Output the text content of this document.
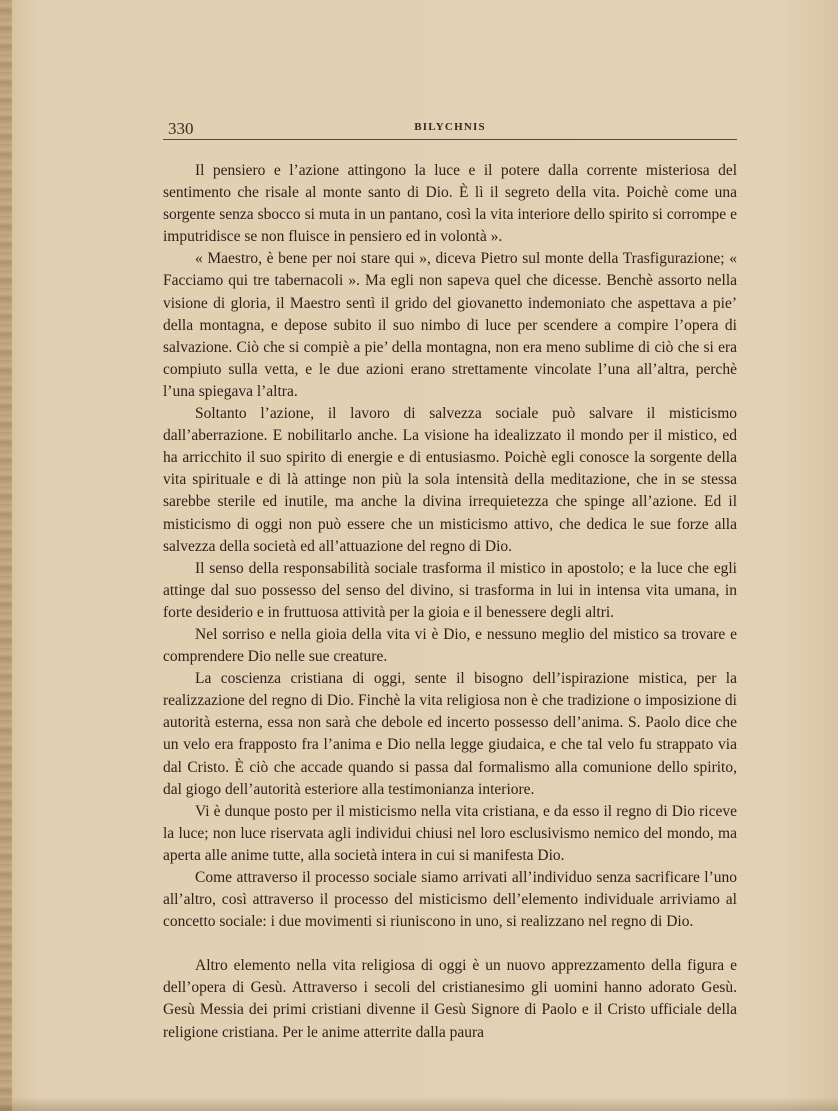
330	BILYCHNIS

Il pensiero e l’azione attingono la luce e il potere dalla corrente misteriosa del sentimento che risale al monte santo di Dio. È lì il segreto della vita. Poichè come una sorgente senza sbocco si muta in un pantano, così la vita interiore dello spirito si corrompe e imputridisce se non fluisce in pensiero ed in volontà ».

« Maestro, è bene per noi stare qui », diceva Pietro sul monte della Trasfigurazione; « Facciamo qui tre tabernacoli ». Ma egli non sapeva quel che dicesse. Benchè assorto nella visione di gloria, il Maestro sentì il grido del giovanetto indemoniato che aspettava a pie’ della montagna, e depose subito il suo nimbo di luce per scendere a compire l’opera di salvazione. Ciò che si compiè a pie’ della montagna, non era meno sublime di ciò che si era compiuto sulla vetta, e le due azioni erano strettamente vincolate l’una all’altra, perchè l’una spiegava l’altra.

Soltanto l’azione, il lavoro di salvezza sociale può salvare il misticismo dall’aberrazione. E nobilitarlo anche. La visione ha idealizzato il mondo per il mistico, ed ha arricchito il suo spirito di energie e di entusiasmo. Poichè egli conosce la sorgente della vita spirituale e di là attinge non più la sola intensità della meditazione, che in se stessa sarebbe sterile ed inutile, ma anche la divina irrequietezza che spinge all’azione. Ed il misticismo di oggi non può essere che un misticismo attivo, che dedica le sue forze alla salvezza della società ed all’attuazione del regno di Dio.

Il senso della responsabilità sociale trasforma il mistico in apostolo; e la luce che egli attinge dal suo possesso del senso del divino, si trasforma in lui in intensa vita umana, in forte desiderio e in fruttuosa attività per la gioia e il benessere degli altri.

Nel sorriso e nella gioia della vita vi è Dio, e nessuno meglio del mistico sa trovare e comprendere Dio nelle sue creature.

La coscienza cristiana di oggi, sente il bisogno dell’ispirazione mistica, per la realizzazione del regno di Dio. Finchè la vita religiosa non è che tradizione o imposizione di autorità esterna, essa non sarà che debole ed incerto possesso dell’anima. S. Paolo dice che un velo era frapposto fra l’anima e Dio nella legge giudaica, e che tal velo fu strappato via dal Cristo. È ciò che accade quando si passa dal formalismo alla comunione dello spirito, dal giogo dell’autorità esteriore alla testimonianza interiore.

Vi è dunque posto per il misticismo nella vita cristiana, e da esso il regno di Dio riceve la luce; non luce riservata agli individui chiusi nel loro esclusivismo nemico del mondo, ma aperta alle anime tutte, alla società intera in cui si manifesta Dio.

Come attraverso il processo sociale siamo arrivati all’individuo senza sacrificare l’uno all’altro, così attraverso il processo del misticismo dell’elemento individuale arriviamo al concetto sociale: i due movimenti si riuniscono in uno, si realizzano nel regno di Dio.

Altro elemento nella vita religiosa di oggi è un nuovo apprezzamento della figura e dell’opera di Gesù. Attraverso i secoli del cristianesimo gli uomini hanno adorato Gesù. Gesù Messia dei primi cristiani divenne il Gesù Signore di Paolo e il Cristo ufficiale della religione cristiana. Per le anime atterrite dalla paura
